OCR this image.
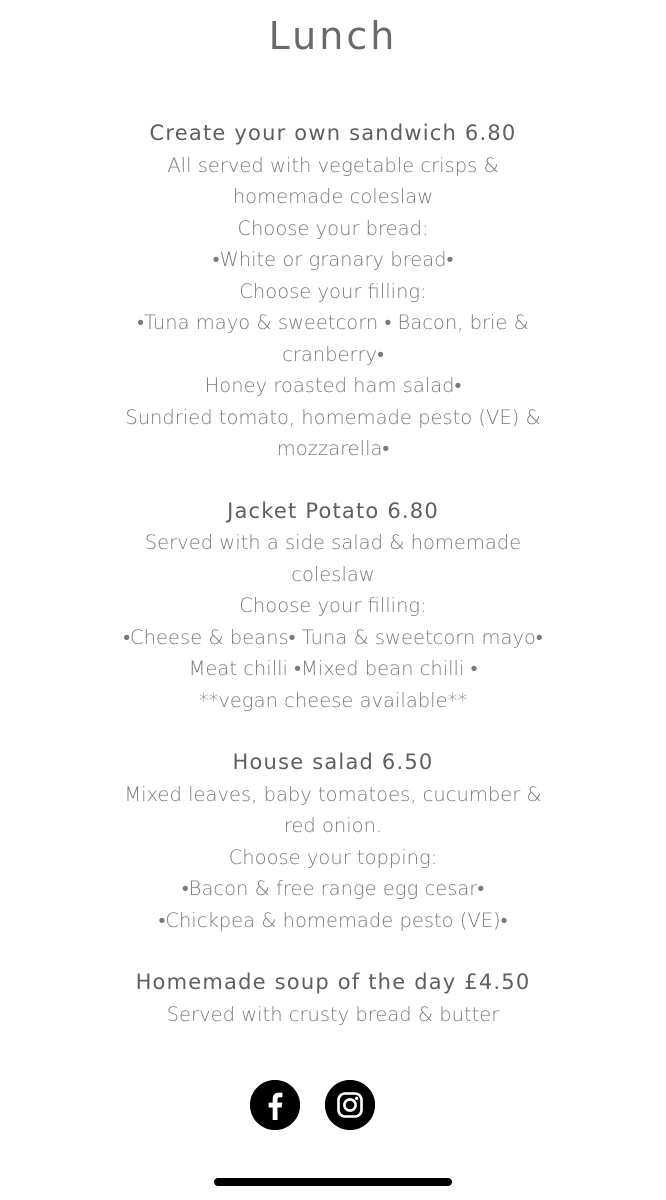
Lunch
Create your own sandwich 6.80
All served with vegetable crisps &
homemade coleslaw
Choose your bread:
•White or granary bread•
Choose your filling:
•Tuna mayo & sweetcorn • Bacon, brie &
cranberry•
Honey roasted ham salad•
Sundried tomato, homemade pesto (VE) &
mozzarella•
Jacket Potato 6.80
Served with a side salad & homemade
coleslaw
Choose your filling:
•Cheese & beans• Tuna & sweetcorn mayo•
Meat chilli •Mixed bean chilli •
**vegan cheese available**
House salad 6.50
Mixed leaves, baby tomatoes, cucumber &
red onion.
Choose your topping:
•Bacon & free range egg cesar•
•Chickpea & homemade pesto (VE)•
Homemade soup of the day £4.50
Served with crusty bread & butter
